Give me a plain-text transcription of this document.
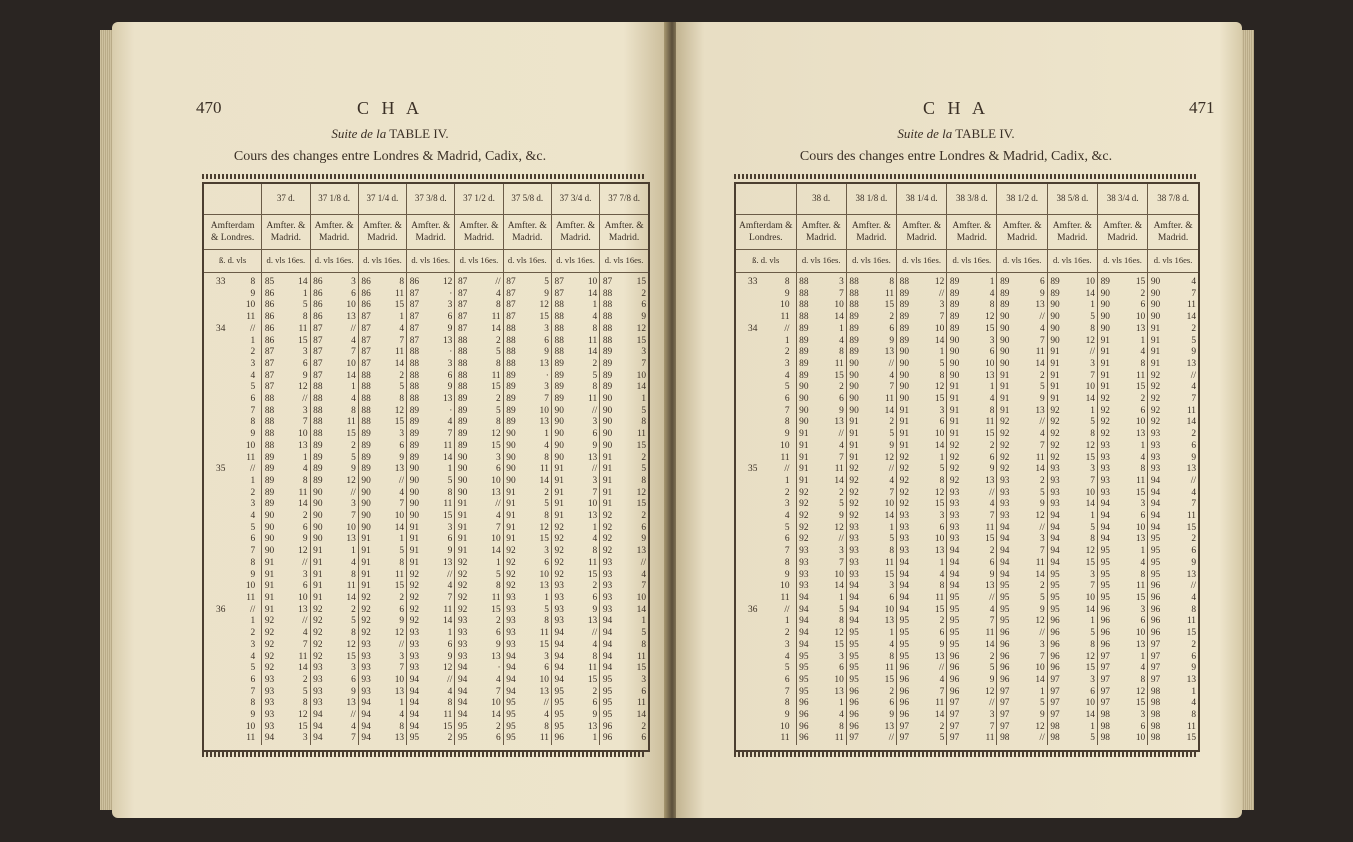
470	C H A
Suite de la TABLE IV.
Cours des changes entre Londres & Madrid, Cadix, &c.
	37 d.	37 1/8 d.	37 1/4 d.	37 3/8 d.	37 1/2 d.	37 5/8 d.	37 3/4 d.	37 7/8 d.
Amfterdam & Londres.	Amfter. & Madrid.	Amfter. & Madrid.	Amfter. & Madrid.	Amfter. & Madrid.	Amfter. & Madrid.	Amfter. & Madrid.	Amfter. & Madrid.	Amfter. & Madrid.
ß. d. vls	d. vls 16es.	d. vls 16es.	d. vls 16es.	d. vls 16es.	d. vls 16es.	d. vls 16es.	d. vls 16es.	d. vls 16es.

33 8	85 14	86 3	86 8	86 12	87 //	87 5	87 10	87 15

9	86 1	86 6	86 11	87 ·	87 4	87 9	87 14	88 2

10	86 5	86 10	86 15	87 3	87 8	87 12	88 1	88 6

11	86 8	86 13	87 1	87 6	87 11	87 15	88 4	88 9

34 //	86 11	87 //	87 4	87 9	87 14	88 3	88 8	88 12

1	86 15	87 4	87 7	87 13	88 2	88 6	88 11	88 15

2	87 3	87 7	87 11	88 ·	88 5	88 9	88 14	89 3

3	87 6	87 10	87 14	88 3	88 8	88 13	89 2	89 7

4	87 9	87 14	88 2	88 6	88 11	89 ·	89 5	89 10

5	87 12	88 1	88 5	88 9	88 15	89 3	89 8	89 14

6	88 //	88 4	88 8	88 13	89 2	89 7	89 11	90 1

7	88 3	88 8	88 12	89 ·	89 5	89 10	90 //	90 5

8	88 7	88 11	88 15	89 4	89 8	89 13	90 3	90 8

9	88 10	88 15	89 3	89 7	89 12	90 1	90 6	90 11

10	88 13	89 2	89 6	89 11	89 15	90 4	90 9	90 15

11	89 1	89 5	89 9	89 14	90 3	90 8	90 13	91 2

35 //	89 4	89 9	89 13	90 1	90 6	90 11	91 //	91 5

1	89 8	89 12	90 //	90 5	90 10	90 14	91 3	91 8

2	89 11	90 //	90 4	90 8	90 13	91 2	91 7	91 12

3	89 14	90 3	90 7	90 11	91 //	91 5	91 10	91 15

4	90 2	90 7	90 10	90 15	91 4	91 8	91 13	92 2

5	90 6	90 10	90 14	91 3	91 7	91 12	92 1	92 6

6	90 9	90 13	91 1	91 6	91 10	91 15	92 4	92 9

7	90 12	91 1	91 5	91 9	91 14	92 3	92 8	92 13

8	91 //	91 4	91 8	91 13	92 1	92 6	92 11	93 //

9	91 3	91 8	91 11	92 //	92 5	92 10	92 15	93 4

10	91 6	91 11	91 15	92 4	92 8	92 13	93 2	93 7

11	91 10	91 14	92 2	92 7	92 11	93 1	93 6	93 10

36 //	91 13	92 2	92 6	92 11	92 15	93 5	93 9	93 14

1	92 //	92 5	92 9	92 14	93 2	93 8	93 13	94 1

2	92 4	92 8	92 12	93 1	93 6	93 11	94 //	94 5

3	92 7	92 12	93 //	93 6	93 9	93 15	94 4	94 8

4	92 11	92 15	93 3	93 9	93 13	94 3	94 8	94 11

5	92 14	93 3	93 7	93 12	94 ·	94 6	94 11	94 15

6	93 2	93 6	93 10	94 //	94 4	94 10	94 15	95 3

7	93 5	93 9	93 13	94 4	94 7	94 13	95 2	95 6

8	93 8	93 13	94 1	94 8	94 10	95 //	95 6	95 11

9	93 12	94 //	94 4	94 11	94 14	95 4	95 9	95 14

10	93 15	94 4	94 8	94 15	95 2	95 8	95 13	96 2

11	94 3	94 7	94 13	95 2	95 6	95 11	96 1	96 6
471
C H A
Suite de la TABLE IV.
Cours des changes entre Londres & Madrid, Cadix, &c.
	38 d.	38 1/8 d.	38 1/4 d.	38 3/8 d.	38 1/2 d.	38 5/8 d.	38 3/4 d.	38 7/8 d.
Amfterdam & Londres.	Amfter. & Madrid.	Amfter. & Madrid.	Amfter. & Madrid.	Amfter. & Madrid.	Amfter. & Madrid.	Amfter. & Madrid.	Amfter. & Madrid.	Amfter. & Madrid.
ß. d. vls	d. vls 16es.	d. vls 16es.	d. vls 16es.	d. vls 16es.	d. vls 16es.	d. vls 16es.	d. vls 16es.	d. vls 16es.

33 8	88 3	88 8	88 12	89 1	89 6	89 10	89 15	90 4

9	88 7	88 11	89 //	89 4	89 9	89 14	90 2	90 7

10	88 10	88 15	89 3	89 8	89 13	90 1	90 6	90 11

11	88 14	89 2	89 7	89 12	90 //	90 5	90 10	90 14

34 //	89 1	89 6	89 10	89 15	90 4	90 8	90 13	91 2

1	89 4	89 9	89 14	90 3	90 7	90 12	91 1	91 5

2	89 8	89 13	90 1	90 6	90 11	91 //	91 4	91 9

3	89 11	90 //	90 5	90 10	90 14	91 3	91 8	91 13

4	89 15	90 4	90 8	90 13	91 2	91 7	91 11	92 //

5	90 2	90 7	90 12	91 1	91 5	91 10	91 15	92 4

6	90 6	90 11	90 15	91 4	91 9	91 14	92 2	92 7

7	90 9	90 14	91 3	91 8	91 13	92 1	92 6	92 11

8	90 13	91 2	91 6	91 11	92 //	92 5	92 10	92 14

9	91 //	91 5	91 10	91 15	92 4	92 8	92 13	93 2

10	91 4	91 9	91 14	92 2	92 7	92 12	93 1	93 6

11	91 7	91 12	92 1	92 6	92 11	92 15	93 4	93 9

35 //	91 11	92 //	92 5	92 9	92 14	93 3	93 8	93 13

1	91 14	92 4	92 8	92 13	93 2	93 7	93 11	94 //

2	92 2	92 7	92 12	93 //	93 5	93 10	93 15	94 4

3	92 5	92 10	92 15	93 4	93 9	93 14	94 3	94 7

4	92 9	92 14	93 3	93 7	93 12	94 1	94 6	94 11

5	92 12	93 1	93 6	93 11	94 //	94 5	94 10	94 15

6	92 //	93 5	93 10	93 15	94 3	94 8	94 13	95 2

7	93 3	93 8	93 13	94 2	94 7	94 12	95 1	95 6

8	93 7	93 11	94 1	94 6	94 11	94 15	95 4	95 9

9	93 10	93 15	94 4	94 9	94 14	95 3	95 8	95 13

10	93 14	94 3	94 8	94 13	95 2	95 7	95 11	96 //

11	94 1	94 6	94 11	95 //	95 5	95 10	95 15	96 4

36 //	94 5	94 10	94 15	95 4	95 9	95 14	96 3	96 8

1	94 8	94 13	95 2	95 7	95 12	96 1	96 6	96 11

2	94 12	95 1	95 6	95 11	96 //	96 5	96 10	96 15

3	94 15	95 4	95 9	95 14	96 3	96 8	96 13	97 2

4	95 3	95 8	95 13	96 2	96 7	96 12	97 1	97 6

5	95 6	95 11	96 //	96 5	96 10	96 15	97 4	97 9

6	95 10	95 15	96 4	96 9	96 14	97 3	97 8	97 13

7	95 13	96 2	96 7	96 12	97 1	97 6	97 12	98 1

8	96 1	96 6	96 11	97 //	97 5	97 10	97 15	98 4

9	96 4	96 9	96 14	97 3	97 9	97 14	98 3	98 8

10	96 8	96 13	97 2	97 7	97 12	98 1	98 6	98 11

11	96 11	97 //	97 5	97 11	98 //	98 5	98 10	98 15
